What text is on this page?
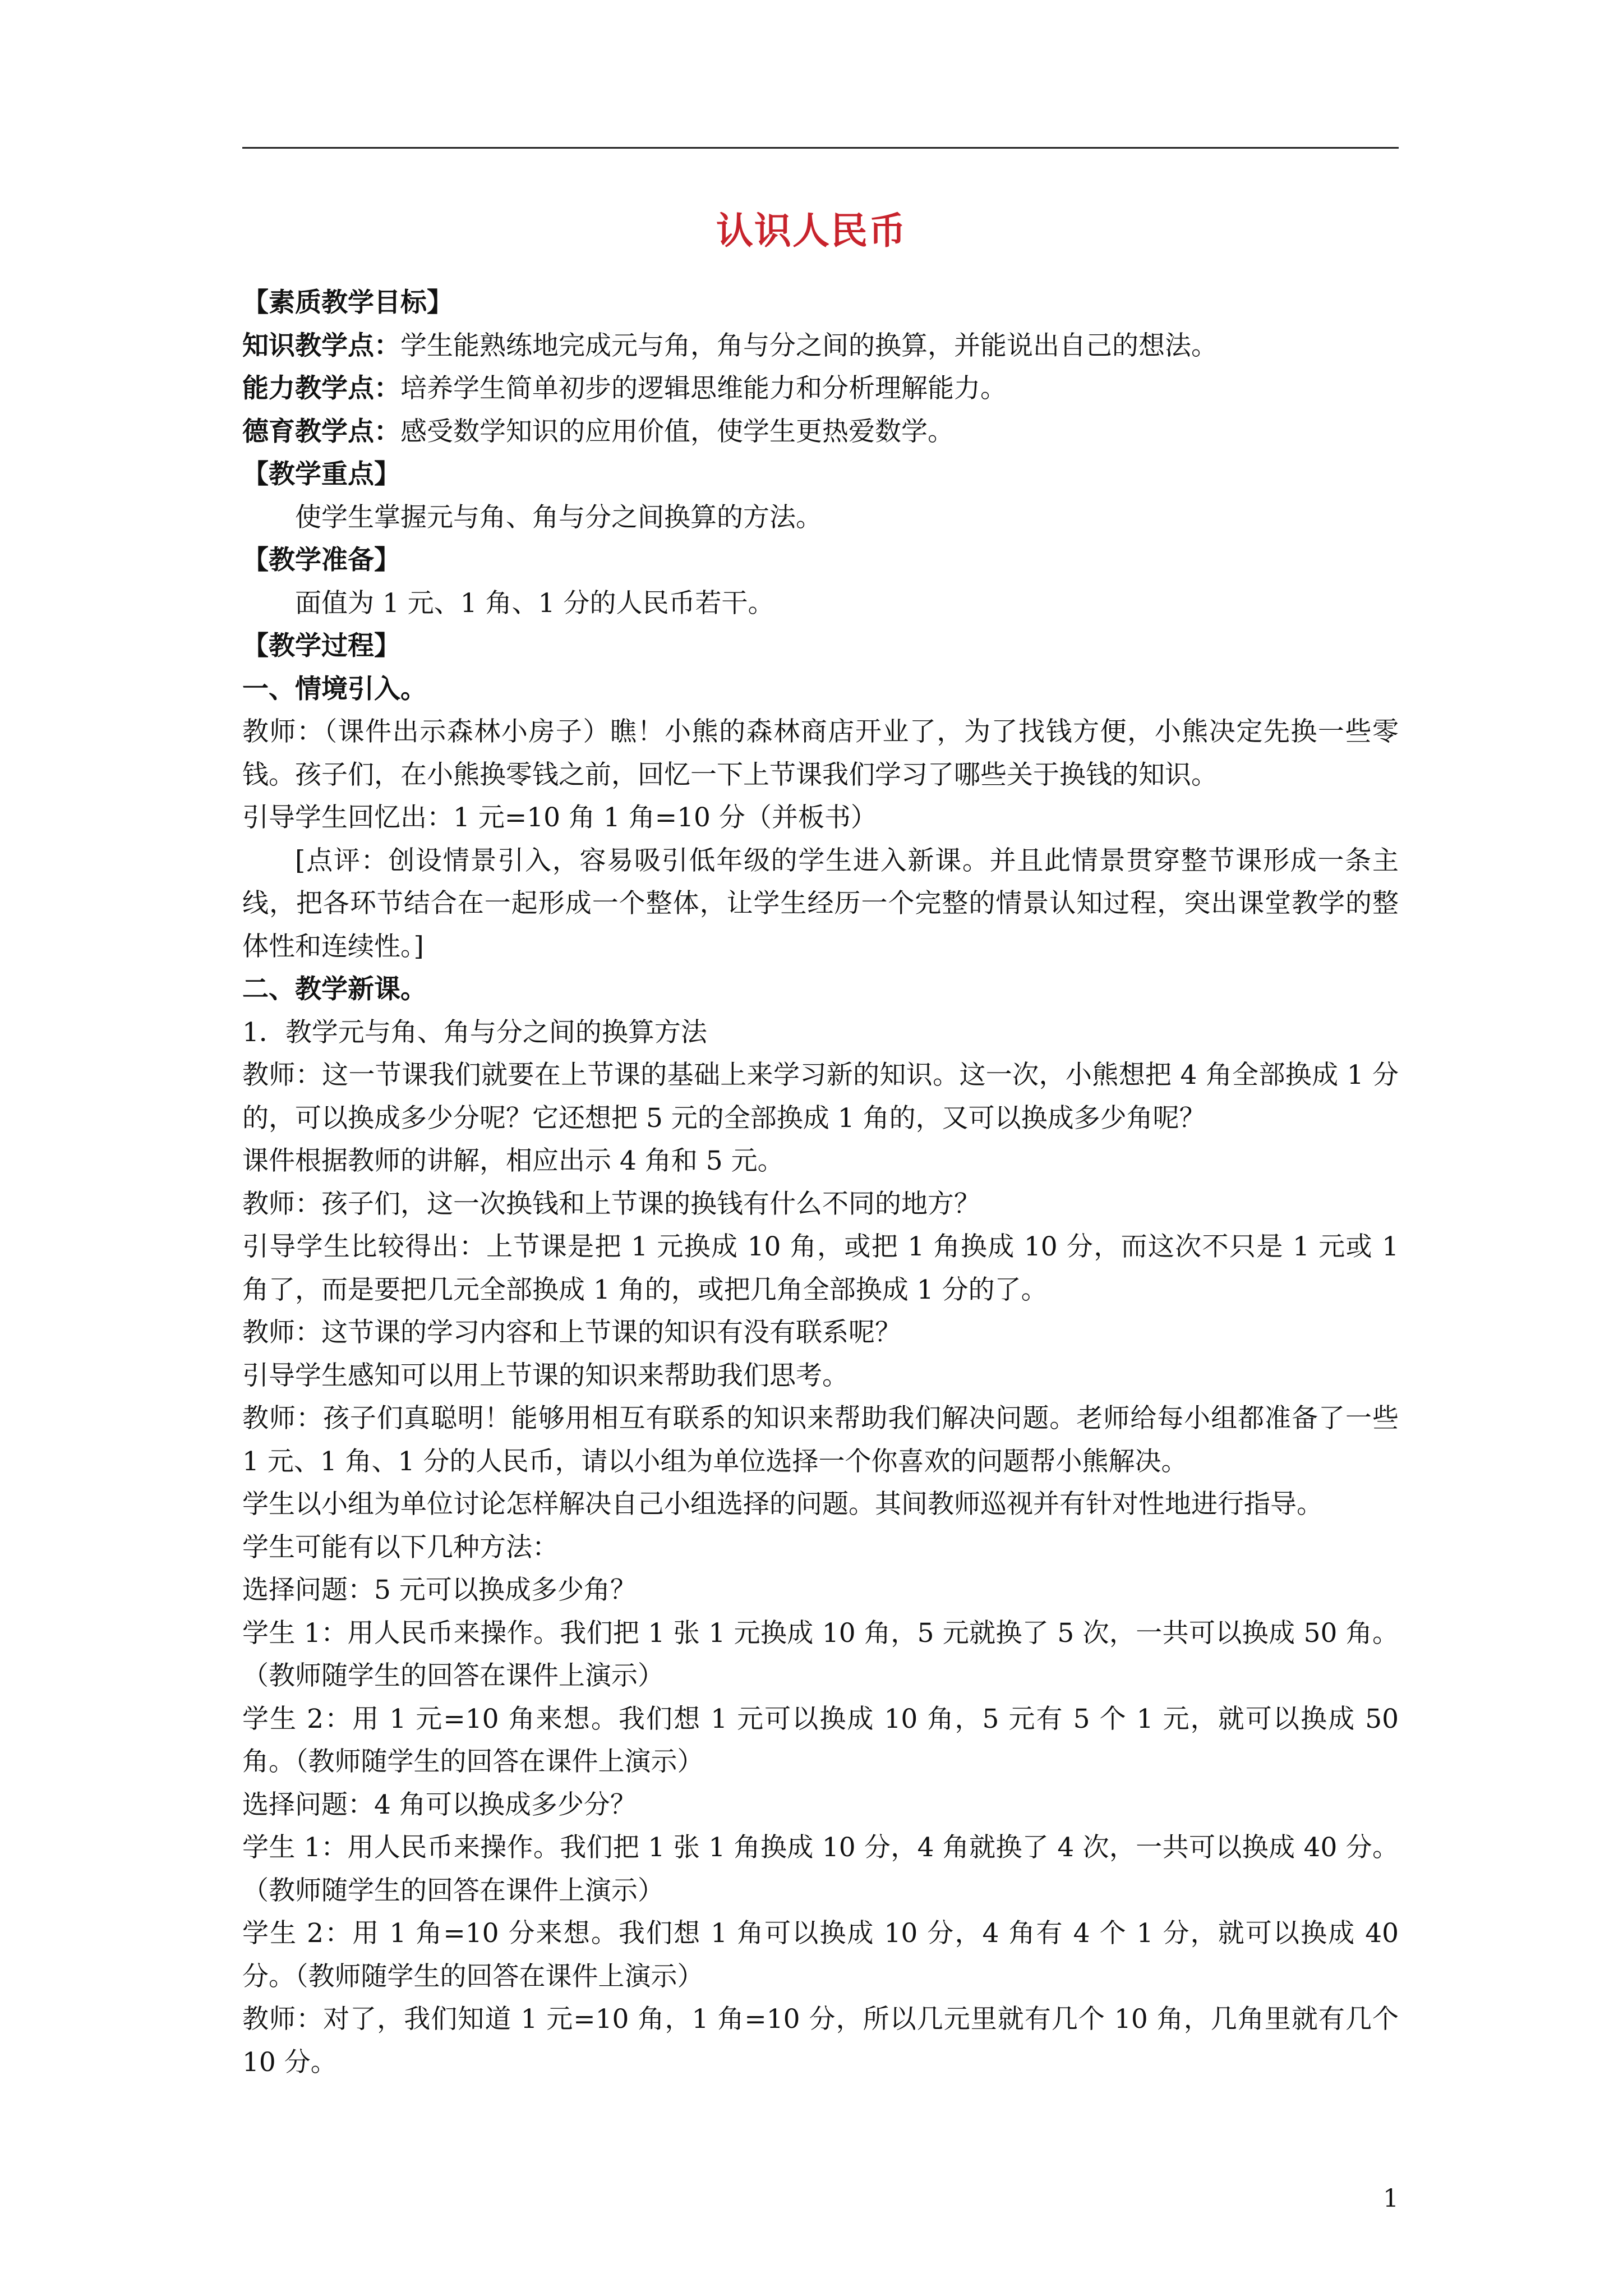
认识人民币

【素质教学目标】

知识教学点：学生能熟练地完成元与角，角与分之间的换算，并能说出自己的想法。

能力教学点：培养学生简单初步的逻辑思维能力和分析理解能力。

德育教学点：感受数学知识的应用价值，使学生更热爱数学。

【教学重点】

使学生掌握元与角、角与分之间换算的方法。

【教学准备】

面值为 1 元、1 角、1 分的人民币若干。

【教学过程】

一、情境引入。

教师：（课件出示森林小房子）瞧！小熊的森林商店开业了，为了找钱方便，小熊决定先换一些零钱。孩子们，在小熊换零钱之前，回忆一下上节课我们学习了哪些关于换钱的知识。

引导学生回忆出：1 元=10 角 1 角=10 分（并板书）

[点评：创设情景引入，容易吸引低年级的学生进入新课。并且此情景贯穿整节课形成一条主线，把各环节结合在一起形成一个整体，让学生经历一个完整的情景认知过程，突出课堂教学的整体性和连续性。]

二、教学新课。

1．教学元与角、角与分之间的换算方法

教师：这一节课我们就要在上节课的基础上来学习新的知识。这一次，小熊想把 4 角全部换成 1 分的，可以换成多少分呢？它还想把 5 元的全部换成 1 角的，又可以换成多少角呢？

课件根据教师的讲解，相应出示 4 角和 5 元。

教师：孩子们，这一次换钱和上节课的换钱有什么不同的地方？

引导学生比较得出：上节课是把 1 元换成 10 角，或把 1 角换成 10 分，而这次不只是 1 元或 1 角了，而是要把几元全部换成 1 角的，或把几角全部换成 1 分的了。

教师：这节课的学习内容和上节课的知识有没有联系呢？

引导学生感知可以用上节课的知识来帮助我们思考。

教师：孩子们真聪明！能够用相互有联系的知识来帮助我们解决问题。老师给每小组都准备了一些 1 元、1 角、1 分的人民币，请以小组为单位选择一个你喜欢的问题帮小熊解决。

学生以小组为单位讨论怎样解决自己小组选择的问题。其间教师巡视并有针对性地进行指导。

学生可能有以下几种方法：

选择问题：5 元可以换成多少角？

学生 1：用人民币来操作。我们把 1 张 1 元换成 10 角，5 元就换了 5 次，一共可以换成 50 角。（教师随学生的回答在课件上演示）

学生 2：用 1 元=10 角来想。我们想 1 元可以换成 10 角，5 元有 5 个 1 元，就可以换成 50 角。（教师随学生的回答在课件上演示）

选择问题：4 角可以换成多少分？

学生 1：用人民币来操作。我们把 1 张 1 角换成 10 分，4 角就换了 4 次，一共可以换成 40 分。（教师随学生的回答在课件上演示）

学生 2：用 1 角=10 分来想。我们想 1 角可以换成 10 分，4 角有 4 个 1 分，就可以换成 40 分。（教师随学生的回答在课件上演示）

教师：对了，我们知道 1 元=10 角，1 角=10 分，所以几元里就有几个 10 角，几角里就有几个 10 分。

1
